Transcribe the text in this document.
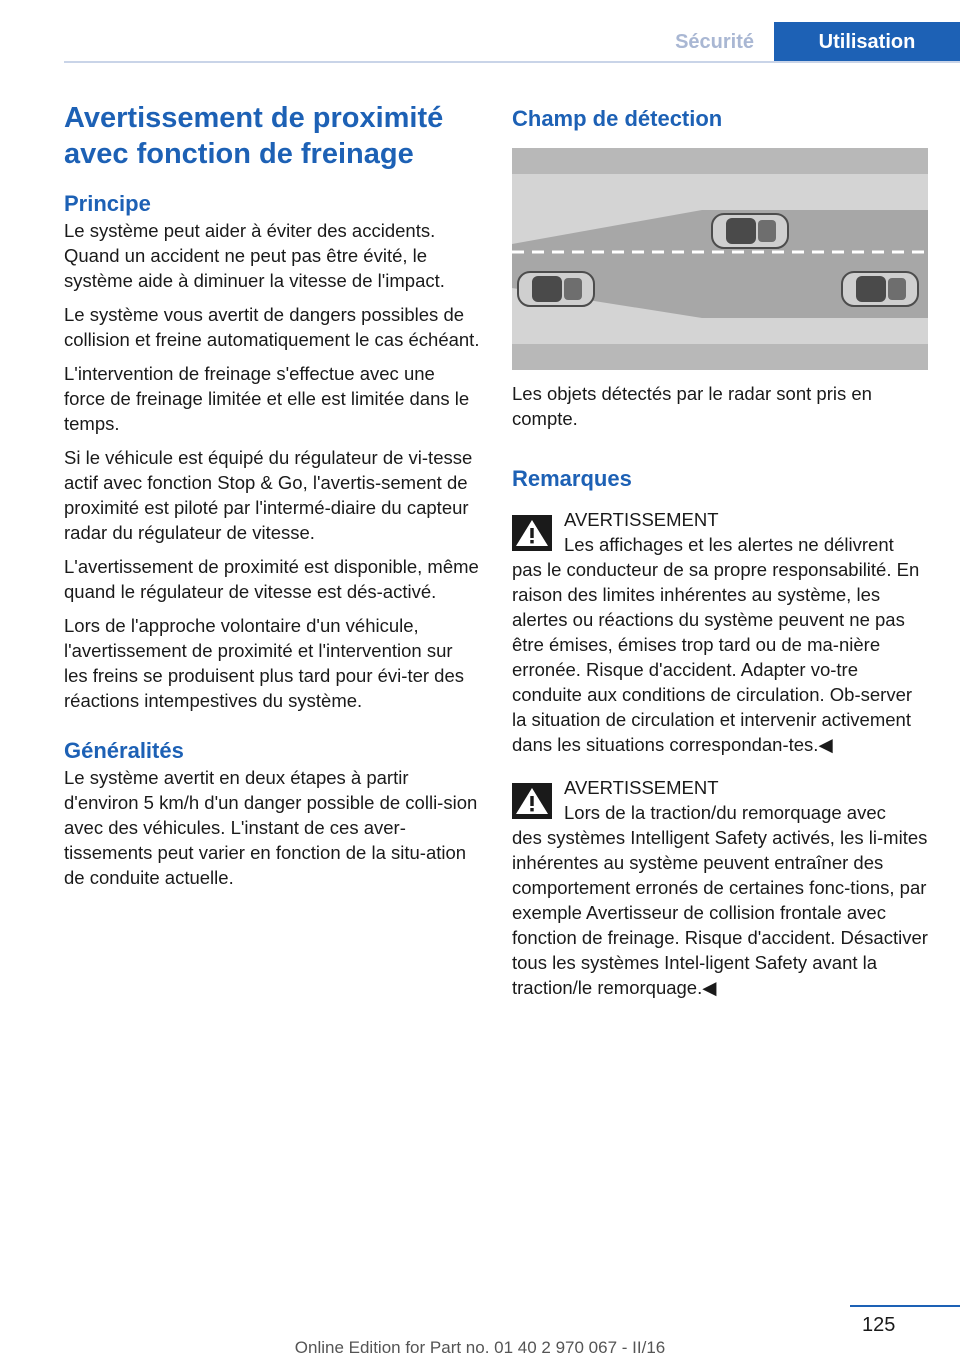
Sécurité	Utilisation
Avertissement de proximité avec fonction de freinage
Principe

Le système peut aider à éviter des accidents. Quand un accident ne peut pas être évité, le système aide à diminuer la vitesse de l'impact.

Le système vous avertit de dangers possibles de collision et freine automatiquement le cas échéant.

L'intervention de freinage s'effectue avec une force de freinage limitée et elle est limitée dans le temps.

Si le véhicule est équipé du régulateur de vi-tesse actif avec fonction Stop & Go, l'avertis-sement de proximité est piloté par l'intermé-diaire du capteur radar du régulateur de vitesse.

L'avertissement de proximité est disponible, même quand le régulateur de vitesse est dés-activé.

Lors de l'approche volontaire d'un véhicule, l'avertissement de proximité et l'intervention sur les freins se produisent plus tard pour évi-ter des réactions intempestives du système.

Généralités

Le système avertit en deux étapes à partir d'environ 5 km/h d'un danger possible de colli-sion avec des véhicules. L'instant de ces aver-tissements peut varier en fonction de la situ-ation de conduite actuelle.

Champ de détection

Les objets détectés par le radar sont pris en compte.

Remarques

AVERTISSEMENT

Les affichages et les alertes ne délivrent

pas le conducteur de sa propre responsabilité. En raison des limites inhérentes au système, les alertes ou réactions du système peuvent ne pas être émises, émises trop tard ou de ma-nière erronée. Risque d'accident. Adapter vo-tre conduite aux conditions de circulation. Ob-server la situation de circulation et intervenir activement dans les situations correspondan-tes.◀

AVERTISSEMENT

Lors de la traction/du remorquage avec

des systèmes Intelligent Safety activés, les li-mites inhérentes au système peuvent entraîner des comportement erronés de certaines fonc-tions, par exemple Avertisseur de collision frontale avec fonction de freinage. Risque d'accident. Désactiver tous les systèmes Intel-ligent Safety avant la traction/le remorquage.◀

125
Online Edition for Part no. 01 40 2 970 067 - II/16
